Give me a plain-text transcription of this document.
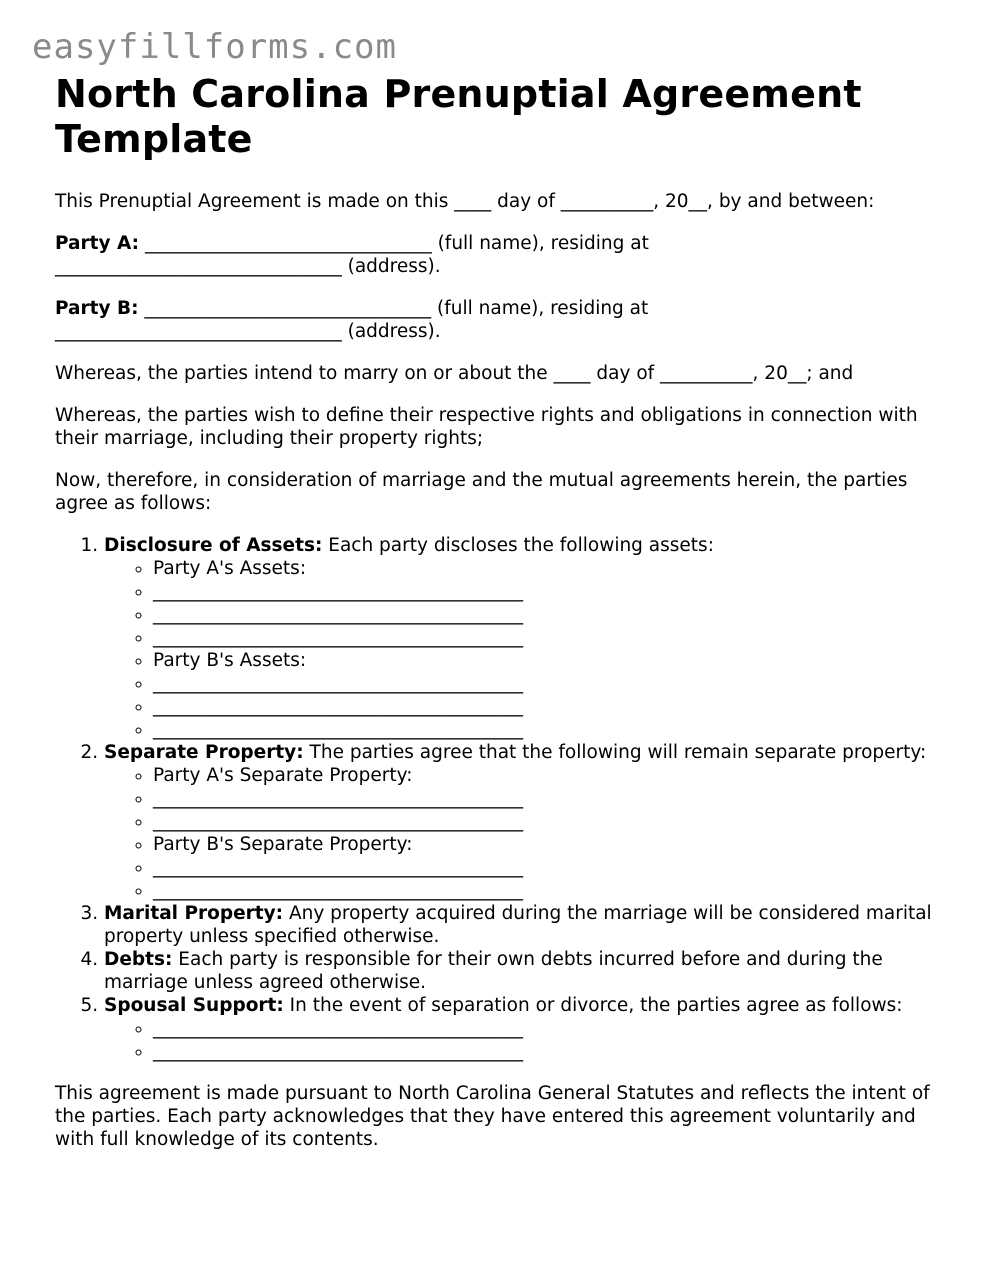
easyfillforms.com
North Carolina Prenuptial Agreement Template

This Prenuptial Agreement is made on this ____ day of __________, 20__, by and between:

Party A: _______________________________ (full name), residing at _______________________________ (address).

Party B: _______________________________ (full name), residing at _______________________________ (address).

Whereas, the parties intend to marry on or about the ____ day of __________, 20__; and

Whereas, the parties wish to define their respective rights and obligations in connection with their marriage, including their property rights;

Now, therefore, in consideration of marriage and the mutual agreements herein, the parties agree as follows:

1. Disclosure of Assets: Each party discloses the following assets:
◦ Party A's Assets:
◦ ________________________________________
◦ ________________________________________
◦ ________________________________________
◦ Party B's Assets:
◦ ________________________________________
◦ ________________________________________
◦ ________________________________________
2. Separate Property: The parties agree that the following will remain separate property:
◦ Party A's Separate Property:
◦ ________________________________________
◦ ________________________________________
◦ Party B's Separate Property:
◦ ________________________________________
◦ ________________________________________
3. Marital Property: Any property acquired during the marriage will be considered marital property unless specified otherwise.
4. Debts: Each party is responsible for their own debts incurred before and during the marriage unless agreed otherwise.
5. Spousal Support: In the event of separation or divorce, the parties agree as follows:
◦ ________________________________________
◦ ________________________________________

This agreement is made pursuant to North Carolina General Statutes and reflects the intent of the parties. Each party acknowledges that they have entered this agreement voluntarily and with full knowledge of its contents.
